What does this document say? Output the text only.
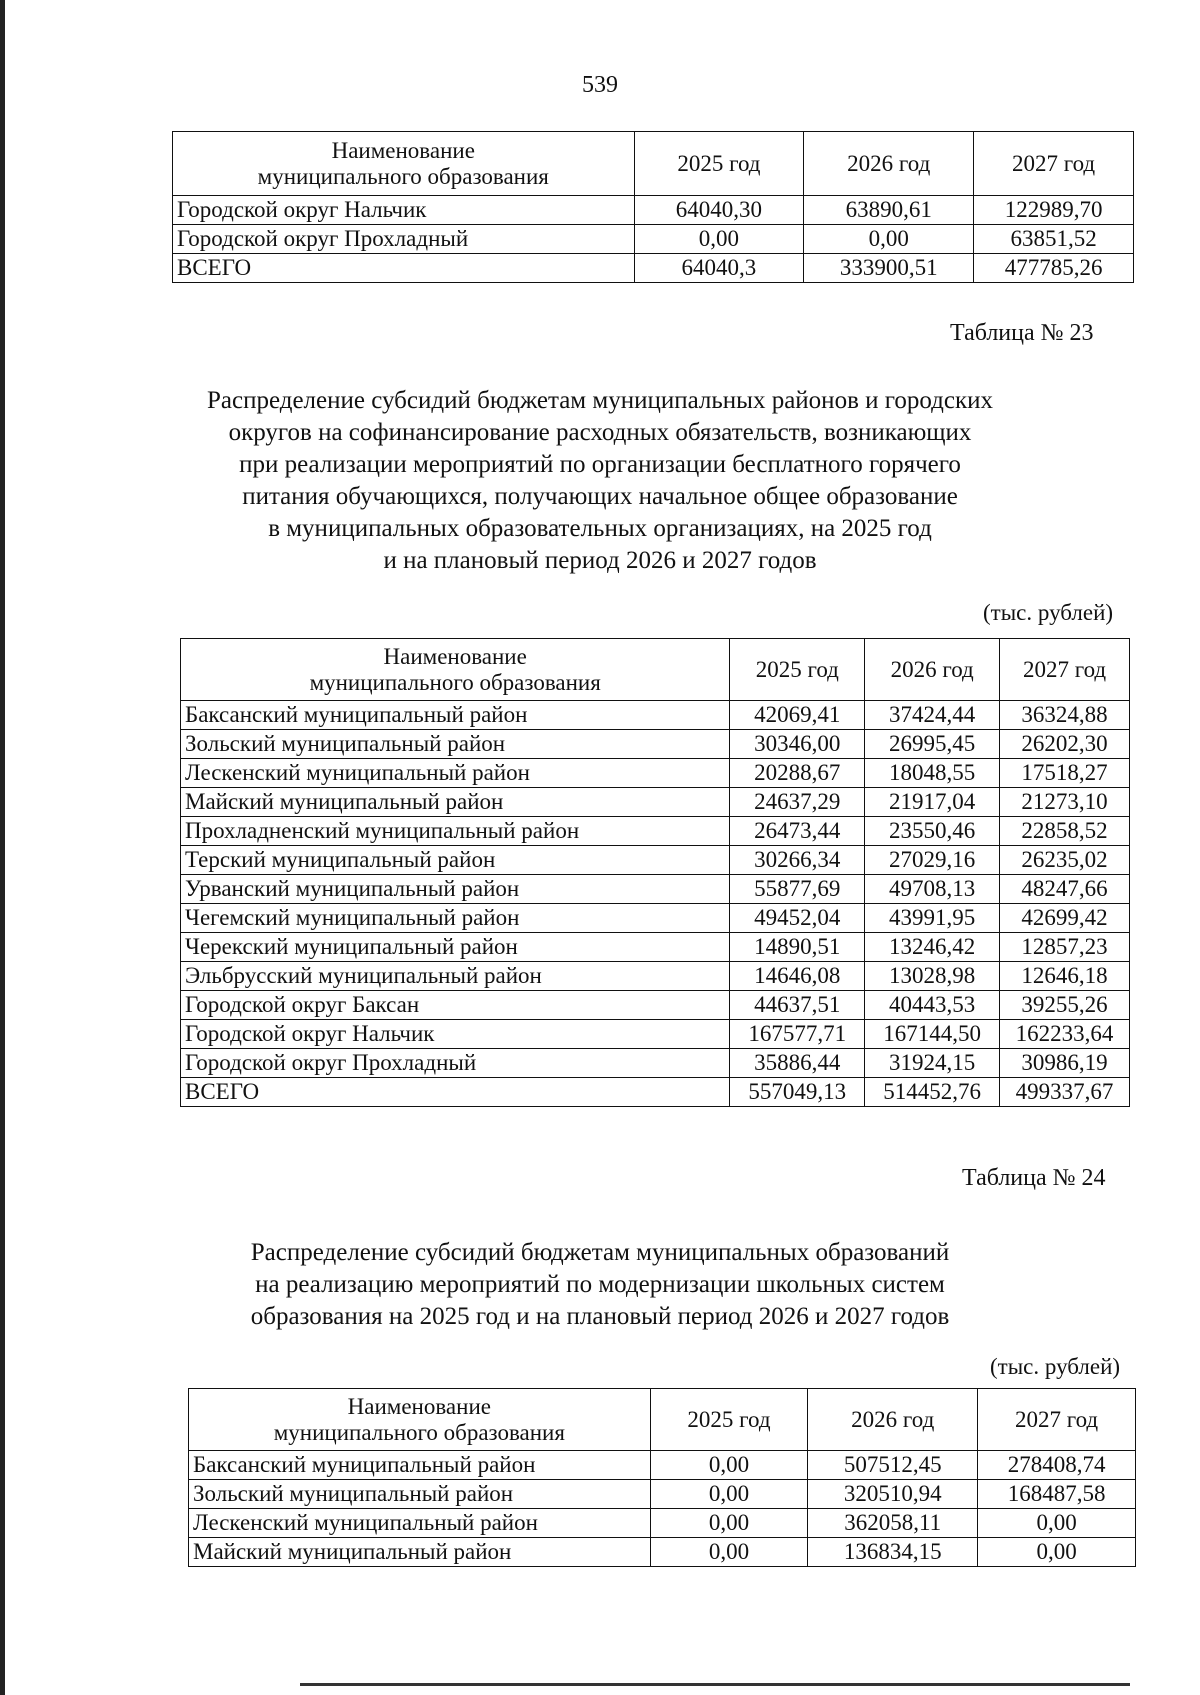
539
Наименование
муниципального образования	2025 год	2026 год	2027 год
Городской округ Нальчик	64040,30	63890,61	122989,70
Городской округ Прохладный	0,00	0,00	63851,52
ВСЕГО	64040,3	333900,51	477785,26
Таблица № 23
Распределение субсидий бюджетам муниципальных районов и городских
округов на софинансирование расходных обязательств, возникающих
при реализации мероприятий по организации бесплатного горячего
питания обучающихся, получающих начальное общее образование
в муниципальных образовательных организациях, на 2025 год
и на плановый период 2026 и 2027 годов
(тыс. рублей)
Наименование
муниципального образования	2025 год	2026 год	2027 год
Баксанский муниципальный район	42069,41	37424,44	36324,88
Зольский муниципальный район	30346,00	26995,45	26202,30
Лескенский муниципальный район	20288,67	18048,55	17518,27
Майский муниципальный район	24637,29	21917,04	21273,10
Прохладненский муниципальный район	26473,44	23550,46	22858,52
Терский муниципальный район	30266,34	27029,16	26235,02
Урванский муниципальный район	55877,69	49708,13	48247,66
Чегемский муниципальный район	49452,04	43991,95	42699,42
Черекский муниципальный район	14890,51	13246,42	12857,23
Эльбрусский муниципальный район	14646,08	13028,98	12646,18
Городской округ Баксан	44637,51	40443,53	39255,26
Городской округ Нальчик	167577,71	167144,50	162233,64
Городской округ Прохладный	35886,44	31924,15	30986,19
ВСЕГО	557049,13	514452,76	499337,67
Таблица № 24
Распределение субсидий бюджетам муниципальных образований
на реализацию мероприятий по модернизации школьных систем
образования на 2025 год и на плановый период 2026 и 2027 годов
(тыс. рублей)
Наименование
муниципального образования	2025 год	2026 год	2027 год
Баксанский муниципальный район	0,00	507512,45	278408,74
Зольский муниципальный район	0,00	320510,94	168487,58
Лескенский муниципальный район	0,00	362058,11	0,00
Майский муниципальный район	0,00	136834,15	0,00
